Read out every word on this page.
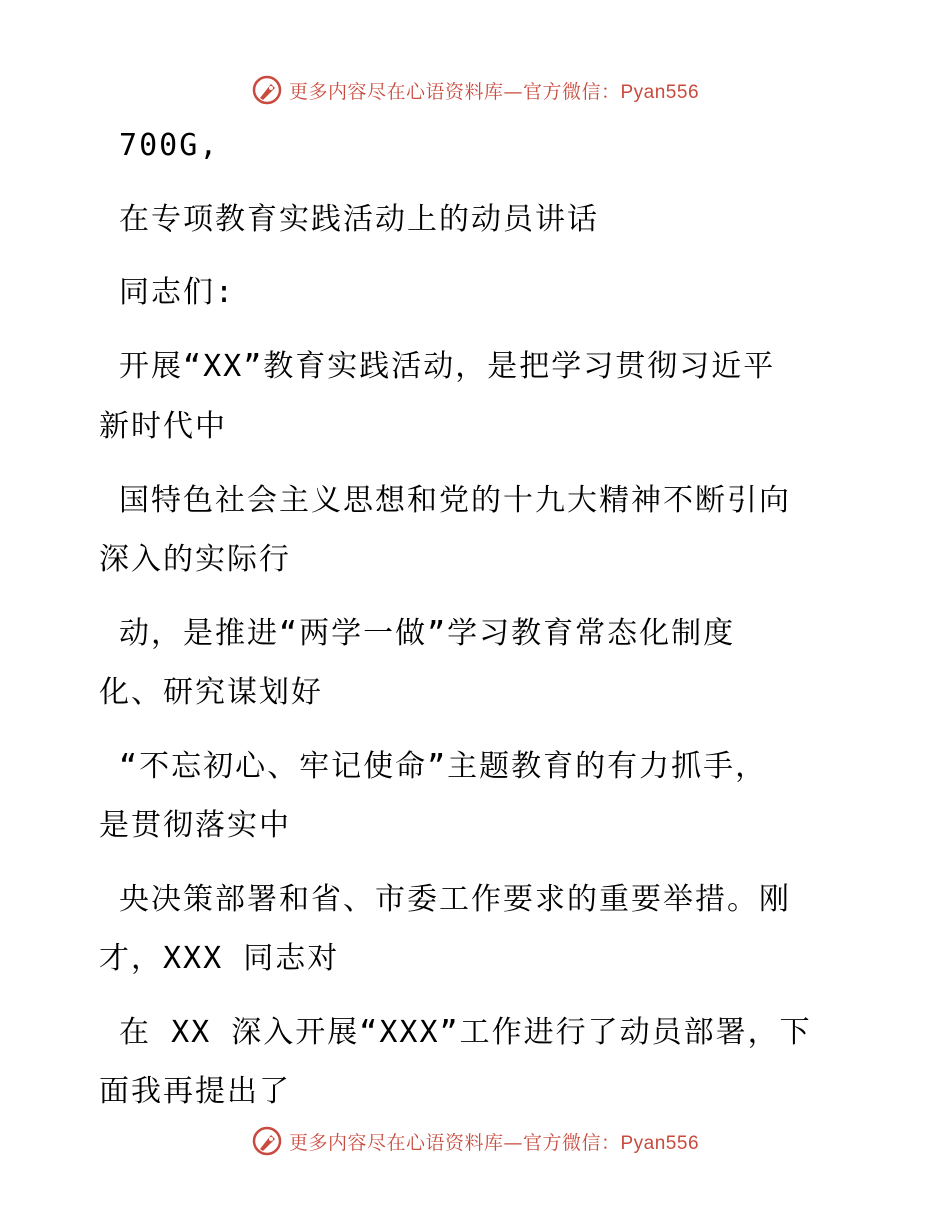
更多内容尽在心语资料库—官方微信：Pyan556
700G,
在专项教育实践活动上的动员讲话
同志们:
开展“XX”教育实践活动，是把学习贯彻习近平
新时代中
国特色社会主义思想和党的十九大精神不断引向
深入的实际行
动，是推进“两学一做”学习教育常态化制度
化、研究谋划好
“不忘初心、牢记使命”主题教育的有力抓手，
是贯彻落实中
央决策部署和省、市委工作要求的重要举措。刚
才，XXX 同志对
在 XX 深入开展“XXX”工作进行了动员部署，下
面我再提出了
更多内容尽在心语资料库—官方微信：Pyan556
